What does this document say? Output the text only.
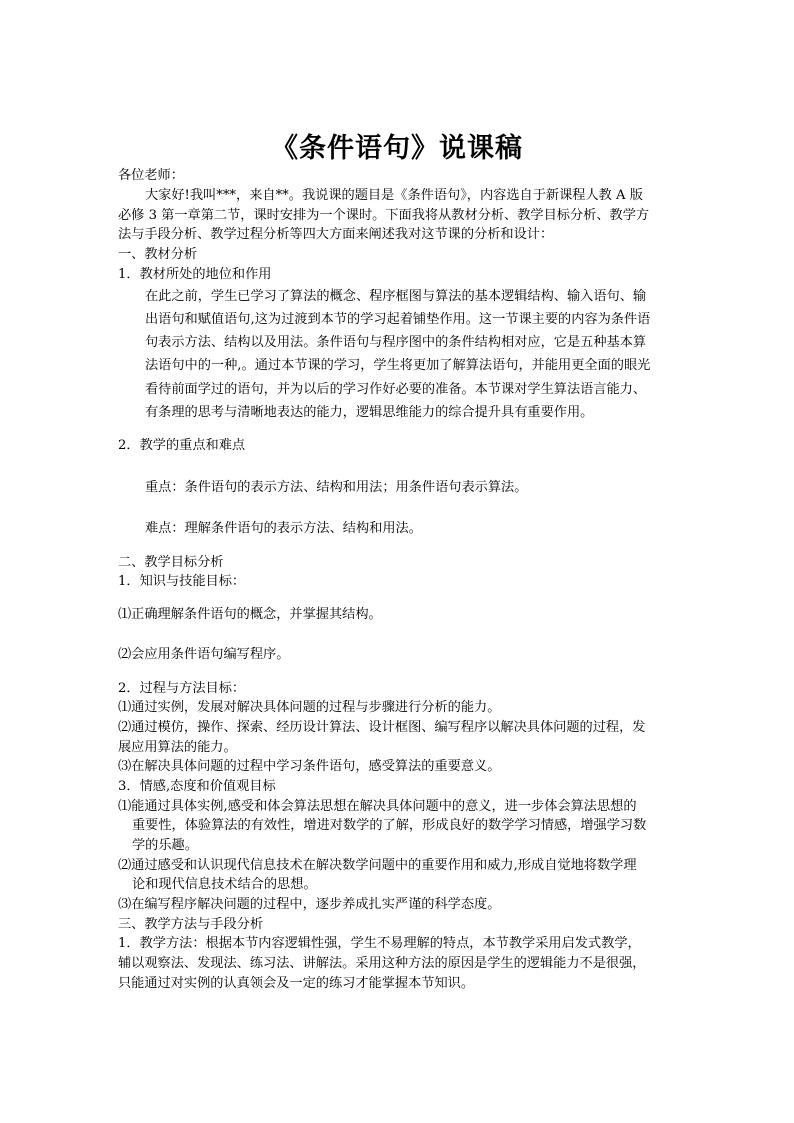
《条件语句》说课稿
各位老师：
大家好!我叫***，来自**。我说课的题目是《条件语句》，内容选自于新课程人教 A 版
必修 3 第一章第二节，课时安排为一个课时。下面我将从教材分析、教学目标分析、教学方
法与手段分析、教学过程分析等四大方面来阐述我对这节课的分析和设计：
一、教材分析
1．教材所处的地位和作用
在此之前，学生已学习了算法的概念、程序框图与算法的基本逻辑结构、输入语句、输
出语句和赋值语句,这为过渡到本节的学习起着铺垫作用。这一节课主要的内容为条件语
句表示方法、结构以及用法。条件语句与程序图中的条件结构相对应，它是五种基本算
法语句中的一种,。通过本节课的学习，学生将更加了解算法语句，并能用更全面的眼光
看待前面学过的语句，并为以后的学习作好必要的准备。本节课对学生算法语言能力、
有条理的思考与清晰地表达的能力，逻辑思维能力的综合提升具有重要作用。
2．教学的重点和难点
重点：条件语句的表示方法、结构和用法；用条件语句表示算法。
难点：理解条件语句的表示方法、结构和用法。
二、教学目标分析
1．知识与技能目标：
⑴正确理解条件语句的概念，并掌握其结构。
⑵会应用条件语句编写程序。
2．过程与方法目标：
⑴通过实例，发展对解决具体问题的过程与步骤进行分析的能力。
⑵通过模仿，操作、探索、经历设计算法、设计框图、编写程序以解决具体问题的过程，发
展应用算法的能力。
⑶在解决具体问题的过程中学习条件语句，感受算法的重要意义。
3．情感,态度和价值观目标
⑴能通过具体实例,感受和体会算法思想在解决具体问题中的意义，进一步体会算法思想的
重要性，体验算法的有效性，增进对数学的了解，形成良好的数学学习情感，增强学习数
学的乐趣。
⑵通过感受和认识现代信息技术在解决数学问题中的重要作用和威力,形成自觉地将数学理
论和现代信息技术结合的思想。
⑶在编写程序解决问题的过程中，逐步养成扎实严谨的科学态度。
三、教学方法与手段分析
1．教学方法：根据本节内容逻辑性强，学生不易理解的特点，本节教学采用启发式教学，
辅以观察法、发现法、练习法、讲解法。采用这种方法的原因是学生的逻辑能力不是很强，
只能通过对实例的认真领会及一定的练习才能掌握本节知识。
